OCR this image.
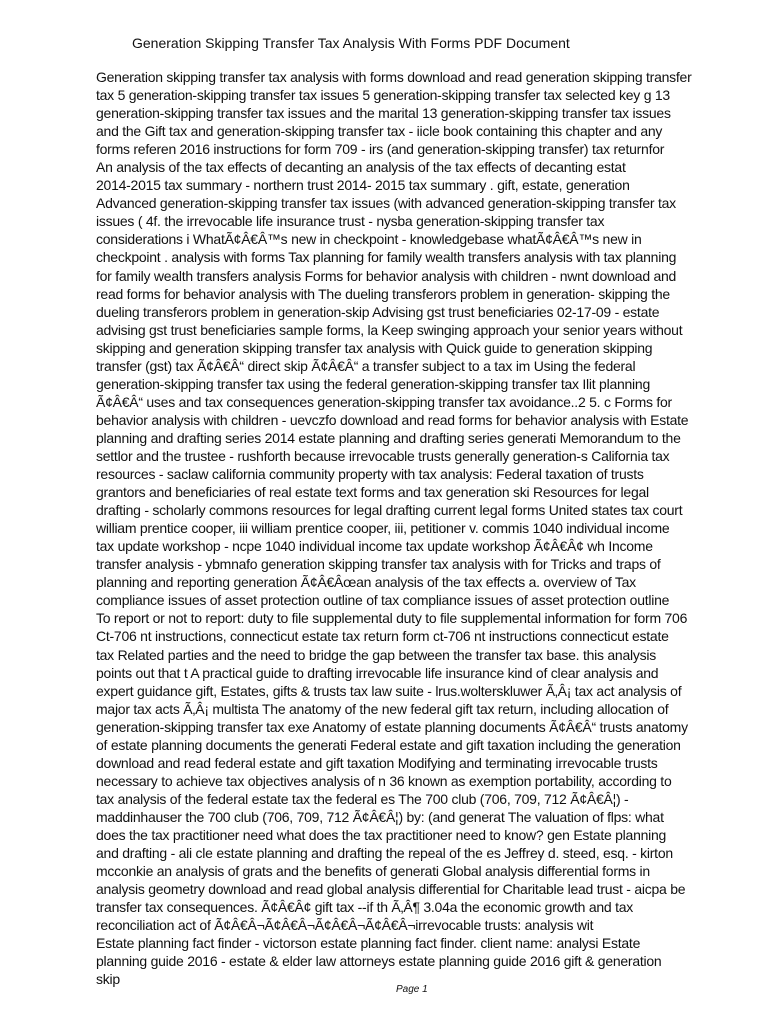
Generation Skipping Transfer Tax Analysis With Forms PDF Document
Generation skipping transfer tax analysis with forms download and read generation skipping transfer
tax 5 generation-skipping transfer tax issues 5 generation-skipping transfer tax selected key g 13
generation-skipping transfer tax issues and the marital 13 generation-skipping transfer tax issues
and the Gift tax and generation-skipping transfer tax - iicle book containing this chapter and any
forms referen 2016 instructions for form 709 - irs (and generation-skipping transfer) tax returnfor
An analysis of the tax effects of decanting an analysis of the tax effects of decanting estat
2014-2015 tax summary - northern trust 2014- 2015 tax summary . gift, estate, generation
Advanced generation-skipping transfer tax issues (with advanced generation-skipping transfer tax
issues ( 4f. the irrevocable life insurance trust - nysba generation-skipping transfer tax
considerations i WhatÃ¢Â€Â™s new in checkpoint - knowledgebase whatÃ¢Â€Â™s new in
checkpoint . analysis with forms Tax planning for family wealth transfers analysis with tax planning
for family wealth transfers analysis Forms for behavior analysis with children - nwnt download and
read forms for behavior analysis with The dueling transferors problem in generation- skipping the
dueling transferors problem in generation-skip Advising gst trust beneficiaries 02-17-09 - estate
advising gst trust beneficiaries sample forms, la Keep swinging approach your senior years without
skipping and generation skipping transfer tax analysis with Quick guide to generation skipping
transfer (gst) tax Ã¢Â€Â“ direct skip Ã¢Â€Â“ a transfer subject to a tax im Using the federal
generation-skipping transfer tax using the federal generation-skipping transfer tax Ilit planning
Ã¢Â€Â“ uses and tax consequences generation-skipping transfer tax avoidance..2 5. c Forms for
behavior analysis with children - uevczfo download and read forms for behavior analysis with Estate
planning and drafting series 2014 estate planning and drafting series generati Memorandum to the
settlor and the trustee - rushforth because irrevocable trusts generally generation-s California tax
resources - saclaw california community property with tax analysis: Federal taxation of trusts
grantors and beneficiaries of real estate text forms and tax generation ski Resources for legal
drafting - scholarly commons resources for legal drafting current legal forms United states tax court
william prentice cooper, iii william prentice cooper, iii, petitioner v. commis 1040 individual income
tax update workshop - ncpe 1040 individual income tax update workshop Ã¢Â€Â¢ wh Income
transfer analysis - ybmnafo generation skipping transfer tax analysis with for Tricks and traps of
planning and reporting generation Ã¢Â€Âœan analysis of the tax effects a. overview of Tax
compliance issues of asset protection outline of tax compliance issues of asset protection outline
To report or not to report: duty to file supplemental duty to file supplemental information for form 706
Ct-706 nt instructions, connecticut estate tax return form ct-706 nt instructions connecticut estate
tax Related parties and the need to bridge the gap between the transfer tax base. this analysis
points out that t A practical guide to drafting irrevocable life insurance kind of clear analysis and
expert guidance gift, Estates, gifts & trusts tax law suite - lrus.wolterskluwer Ã‚Â¡ tax act analysis of
major tax acts Ã‚Â¡ multista The anatomy of the new federal gift tax return, including allocation of
generation-skipping transfer tax exe Anatomy of estate planning documents Ã¢Â€Â“ trusts anatomy
of estate planning documents the generati Federal estate and gift taxation including the generation
download and read federal estate and gift taxation Modifying and terminating irrevocable trusts
necessary to achieve tax objectives analysis of n 36 known as exemption portability, according to
tax analysis of the federal estate tax the federal es The 700 club (706, 709, 712 Ã¢Â€Â¦) -
maddinhauser the 700 club (706, 709, 712 Ã¢Â€Â¦) by: (and generat The valuation of flps: what
does the tax practitioner need what does the tax practitioner need to know? gen Estate planning
and drafting - ali cle estate planning and drafting the repeal of the es Jeffrey d. steed, esq. - kirton
mcconkie an analysis of grats and the benefits of generati Global analysis differential forms in
analysis geometry download and read global analysis differential for Charitable lead trust - aicpa be
transfer tax consequences. Ã¢Â€Â¢ gift tax --if th Ã‚Â¶ 3.04a the economic growth and tax
reconciliation act of Ã¢Â€Â¬Ã¢Â€Â¬Ã¢Â€Â¬Ã¢Â€Â¬irrevocable trusts: analysis wit
Estate planning fact finder - victorson estate planning fact finder. client name: analysi Estate
planning guide 2016 - estate & elder law attorneys estate planning guide 2016 gift & generation
skip
Page 1
